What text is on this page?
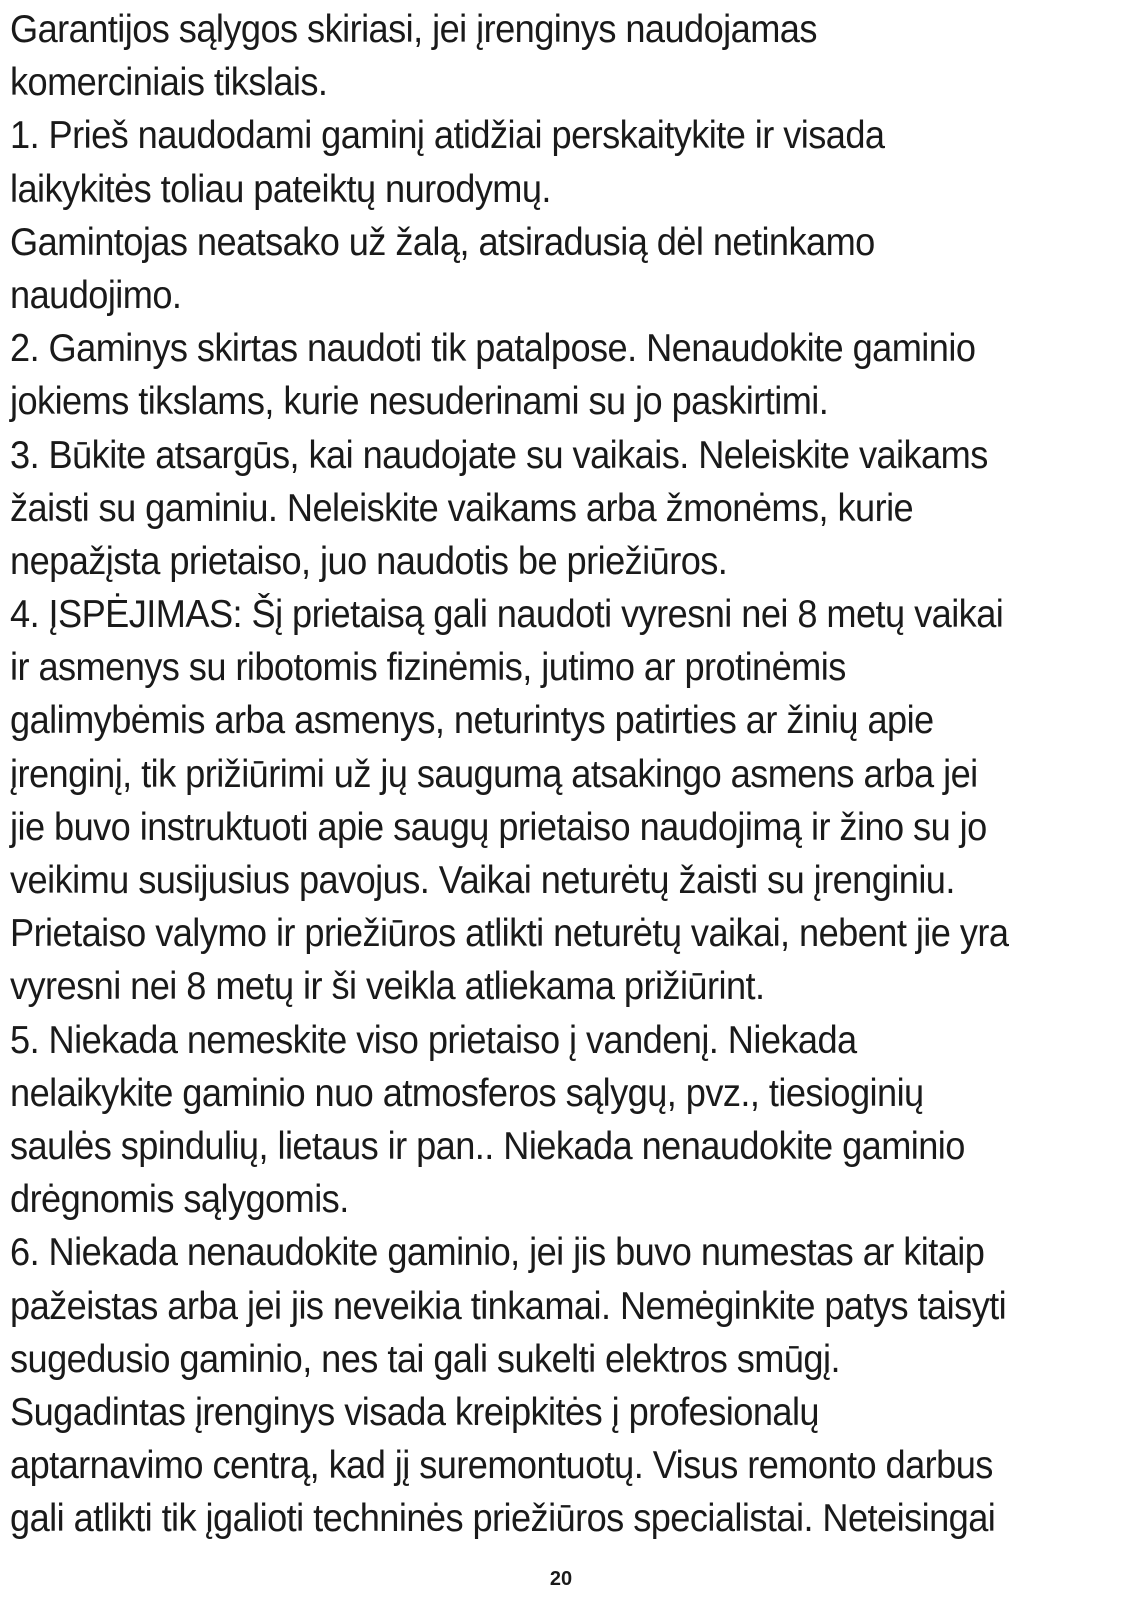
Garantijos sąlygos skiriasi, jei įrenginys naudojamas
komerciniais tikslais.
1. Prieš naudodami gaminį atidžiai perskaitykite ir visada
laikykitės toliau pateiktų nurodymų.
Gamintojas neatsako už žalą, atsiradusią dėl netinkamo
naudojimo.
2. Gaminys skirtas naudoti tik patalpose. Nenaudokite gaminio
jokiems tikslams, kurie nesuderinami su jo paskirtimi.
3. Būkite atsargūs, kai naudojate su vaikais. Neleiskite vaikams
žaisti su gaminiu. Neleiskite vaikams arba žmonėms, kurie
nepažįsta prietaiso, juo naudotis be priežiūros.
4. ĮSPĖJIMAS: Šį prietaisą gali naudoti vyresni nei 8 metų vaikai
ir asmenys su ribotomis fizinėmis, jutimo ar protinėmis
galimybėmis arba asmenys, neturintys patirties ar žinių apie
įrenginį, tik prižiūrimi už jų saugumą atsakingo asmens arba jei
jie buvo instruktuoti apie saugų prietaiso naudojimą ir žino su jo
veikimu susijusius pavojus. Vaikai neturėtų žaisti su įrenginiu.
Prietaiso valymo ir priežiūros atlikti neturėtų vaikai, nebent jie yra
vyresni nei 8 metų ir ši veikla atliekama prižiūrint.
5. Niekada nemeskite viso prietaiso į vandenį. Niekada
nelaikykite gaminio nuo atmosferos sąlygų, pvz., tiesioginių
saulės spindulių, lietaus ir pan.. Niekada nenaudokite gaminio
drėgnomis sąlygomis.
6. Niekada nenaudokite gaminio, jei jis buvo numestas ar kitaip
pažeistas arba jei jis neveikia tinkamai. Nemėginkite patys taisyti
sugedusio gaminio, nes tai gali sukelti elektros smūgį.
Sugadintas įrenginys visada kreipkitės į profesionalų
aptarnavimo centrą, kad jį suremontuotų. Visus remonto darbus
gali atlikti tik įgalioti techninės priežiūros specialistai. Neteisingai
20
